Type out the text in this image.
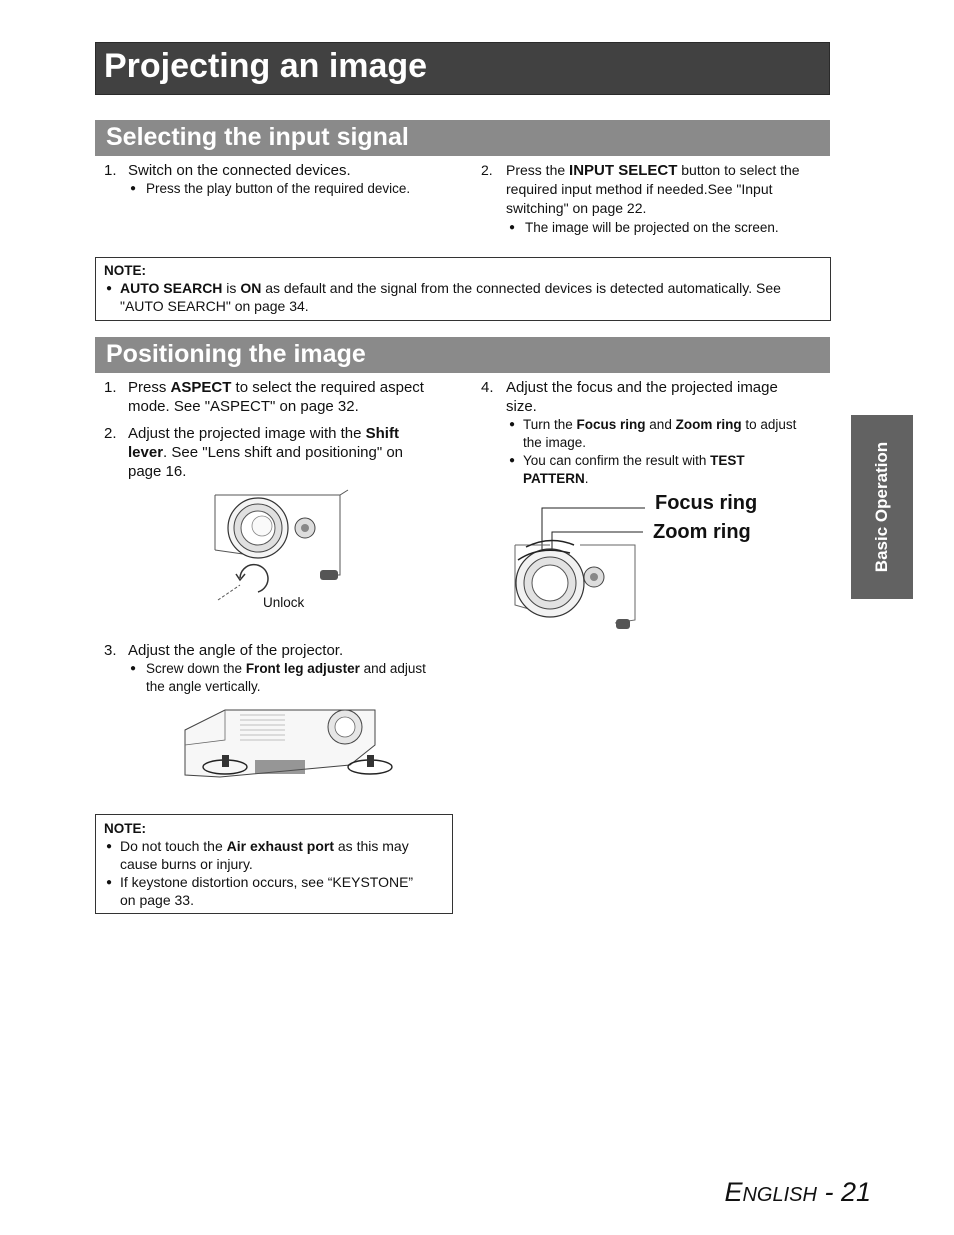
Projecting an image
Selecting the input signal
1. Switch on the connected devices.
● Press the play button of the required device.
2. Press the INPUT SELECT button to select the
required input method if needed.See "Input
switching" on page 22.
● The image will be projected on the screen.
NOTE:
● AUTO SEARCH is ON as default and the signal from the connected devices is detected automatically. See
"AUTO SEARCH" on page 34.
Positioning the image
1. Press ASPECT to select the required aspect
mode. See "ASPECT" on page 32.
2. Adjust the projected image with the Shift
lever. See "Lens shift and positioning" on
page 16.
Unlock
3. Adjust the angle of the projector.
● Screw down the Front leg adjuster and adjust
the angle vertically.
NOTE:
● Do not touch the Air exhaust port as this may
cause burns or injury.
● If keystone distortion occurs, see “KEYSTONE”
on page 33.
4. Adjust the focus and the projected image
size.
● Turn the Focus ring and Zoom ring to adjust
the image.
● You can confirm the result with TEST
PATTERN.
Focus ring
Zoom ring	Basic Operation
ENGLISH - 21
